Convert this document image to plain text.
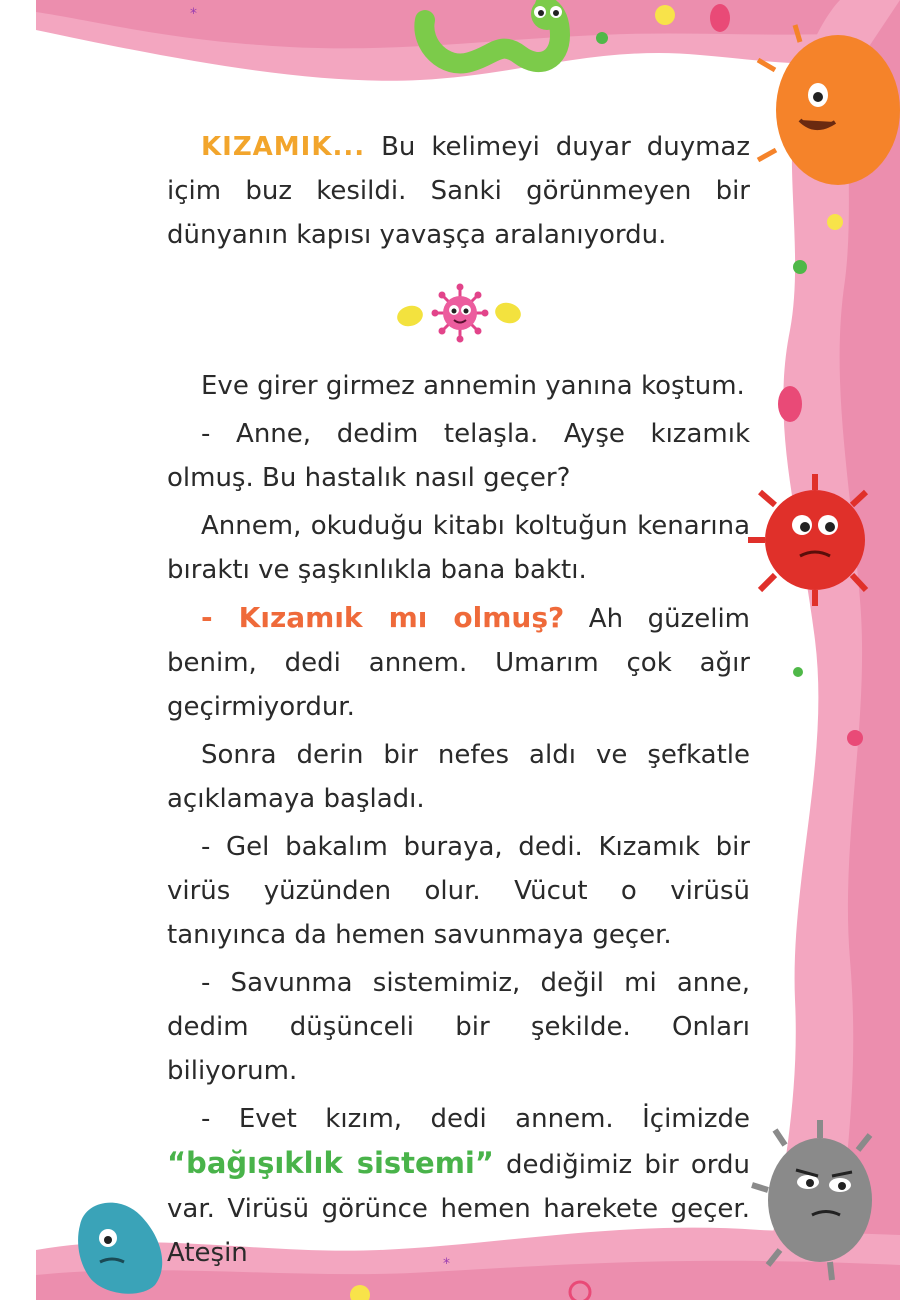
*
*

KIZAMIK... Bu kelimeyi duyar duymaz içim buz kesildi. Sanki görünmeyen bir dünyanın kapısı yavaşça aralanıyordu.

Eve girer girmez annemin yanına koştum.

- Anne, dedim telaşla. Ayşe kızamık olmuş. Bu hastalık nasıl geçer?

Annem, okuduğu kitabı koltuğun kenarına bıraktı ve şaşkınlıkla bana baktı.

- Kızamık mı olmuş? Ah güzelim benim, dedi annem. Umarım çok ağır geçirmiyordur.

Sonra derin bir nefes aldı ve şefkatle açıklamaya başladı.

- Gel bakalım buraya, dedi. Kızamık bir virüs yüzünden olur. Vücut o virüsü tanıyınca da hemen savunmaya geçer.

- Savunma sistemimiz, değil mi anne, dedim düşünceli bir şekilde. Onları biliyorum.

- Evet kızım, dedi annem. İçimizde “bağışıklık sistemi” dediğimiz bir ordu var. Virüsü görünce hemen harekete geçer. Ateşin
